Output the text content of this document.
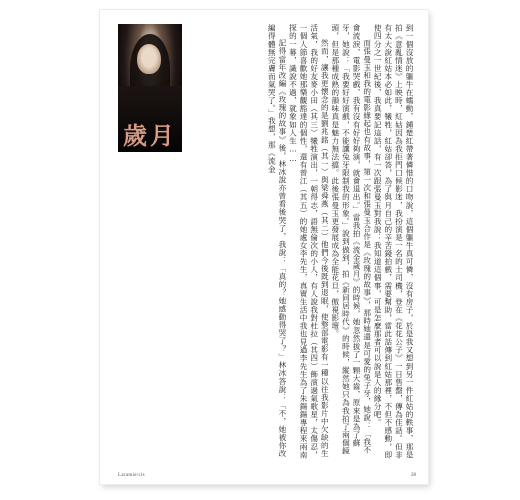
歲月	到一個沒放的軀牛在蠕動，鍾楚紅帶著憐惜的口吻說，這個軀牛真可憐，沒有房子，於是我又想到另一件紅姑的軼事，那是拍《意亂情迷》上映時，紅姑因為我拒門口候影迷，我扮演是一名的士司機，登在《花花公子》一日售罄，傳為佳話。但非有太大說紅姑本必如此，犧牲，紅姑卻答，為了與月自己的辛苦錢拍戲，需要幫助，當此話傳到紅姑那裡，不但不感動，即使四分之一世紀後，我真要記這話，有一次跟張曼玉對我說：我知道這個事，可是怎麼那者可以說是人的緣分吧。

而張曼玉和我的電影緣起也有故事，第一次和張曼玉合作是《玫瑰的故事》，那時她還是可愛的兔子牙，她說：「我不會流淚，電影哭戲，我有沒有好好夠演，就會退出。」當我拍《流金歲月》的時候，她忽然拔了一顆大齒，原來是為了蘇牙，她說：「我要好好演戲，不能讓兔牙限制我的形象。」說到做到，拍《新同居時代》的時候，縱然她只為我拍了兩個鏡頭，但是那種成熟的韻味真是魅力無法擋。此後張曼玉更發展成為全能花旦，傲視影壇。

然而，讓我更懷念的是劉兆銘（其一）與梁舜燕（其二）他們今後既到退眠，使整部電影有一種以往我影片中欠缺的生活氣，我的好友麥小田（其三）犧牲演出，一朝得志，語無倫次的小人，有人說我對杜拉（其四）飾演過氣歌星，太傷忍，一個人節喜歡她那樂觀豁達的個性，還有曾江（其五）的她處女李先生，真實生活中我也見過李先生為了朱鍚鍚專程來兩南探的一幕，識說不過，就象如人生……

記得當年改編《玫瑰的故事》後，林冰說亦曾看後哭了，我說：「真的？她感動得哭了？」林冰答說：「不，她被你改編得體無完膚而氣哭了。」我想，那《流金

Laramie/cis	28
